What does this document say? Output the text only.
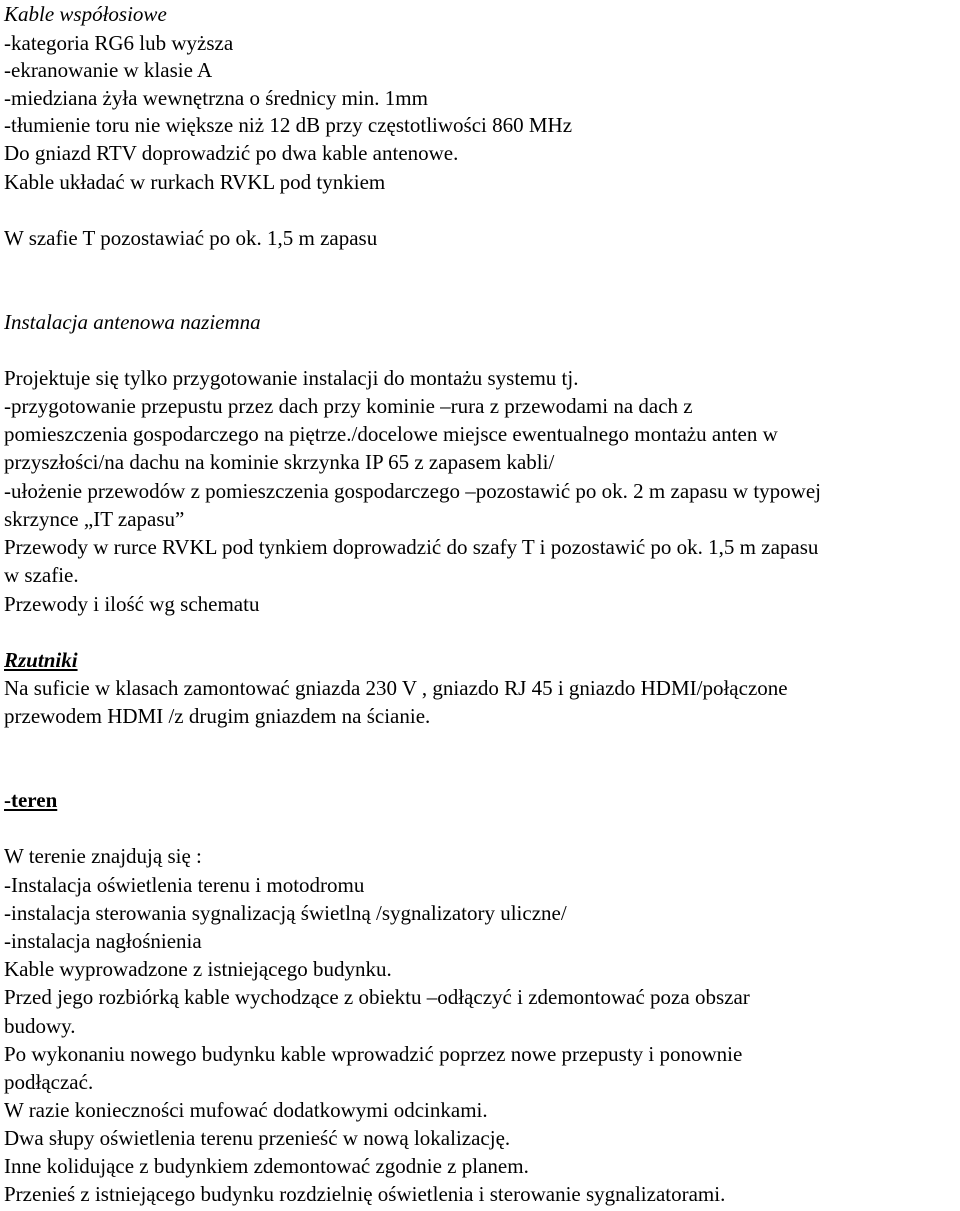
Kable współosiowe
-kategoria RG6 lub wyższa
-ekranowanie w klasie A
-miedziana żyła wewnętrzna o średnicy min. 1mm
-tłumienie toru nie większe niż 12 dB przy częstotliwości 860 MHz
Do gniazd RTV doprowadzić po dwa kable antenowe.
Kable układać w rurkach RVKL pod tynkiem
W szafie T pozostawiać po ok. 1,5 m zapasu
Instalacja antenowa naziemna
Projektuje się tylko przygotowanie instalacji do montażu systemu tj.
-przygotowanie przepustu przez dach przy kominie –rura z przewodami na dach z
pomieszczenia gospodarczego na piętrze./docelowe miejsce ewentualnego montażu anten w
przyszłości/na dachu na kominie skrzynka IP 65 z zapasem kabli/
-ułożenie przewodów z pomieszczenia gospodarczego –pozostawić po ok. 2 m zapasu w typowej
skrzynce „IT zapasu”
Przewody w rurce RVKL pod tynkiem doprowadzić do szafy T i pozostawić po ok. 1,5 m zapasu
w szafie.
Przewody i ilość wg schematu
Rzutniki
Na suficie w klasach zamontować gniazda 230 V , gniazdo RJ 45 i gniazdo HDMI/połączone
przewodem HDMI /z drugim gniazdem na ścianie.
-teren
W terenie znajdują się :
-Instalacja oświetlenia terenu i motodromu
-instalacja sterowania sygnalizacją świetlną /sygnalizatory uliczne/
-instalacja nagłośnienia
Kable wyprowadzone z istniejącego budynku.
Przed jego rozbiórką kable wychodzące z obiektu –odłączyć i zdemontować poza obszar
budowy.
Po wykonaniu nowego budynku kable wprowadzić poprzez nowe przepusty i ponownie
podłączać.
W razie konieczności mufować dodatkowymi odcinkami.
Dwa słupy oświetlenia terenu przenieść w nową lokalizację.
Inne kolidujące z budynkiem zdemontować zgodnie z planem.
Przenieś z istniejącego budynku rozdzielnię oświetlenia i sterowanie sygnalizatorami.
